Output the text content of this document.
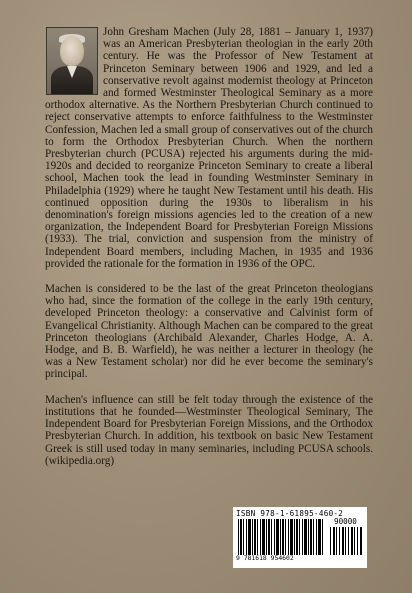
John Gresham Machen (July 28, 1881 – January 1, 1937) was an American Presbyterian theologian in the early 20th century. He was the Professor of New Testament at Princeton Seminary between 1906 and 1929, and led a conservative revolt against modernist theology at Princeton and formed Westminster Theological Seminary as a more orthodox alternative. As the Northern Presbyterian Church continued to reject conservative attempts to enforce faithfulness to the Westminster Confession, Machen led a small group of conservatives out of the church to form the Orthodox Presbyterian Church. When the northern Presbyterian church (PCUSA) rejected his arguments during the mid-1920s and decided to reorganize Princeton Seminary to create a liberal school, Machen took the lead in founding Westminster Seminary in Philadelphia (1929) where he taught New Testament until his death. His continued opposition during the 1930s to liberalism in his denomination's foreign missions agencies led to the creation of a new organization, the Independent Board for Presbyterian Foreign Missions (1933). The trial, conviction and suspension from the ministry of Independent Board members, including Machen, in 1935 and 1936 provided the rationale for the formation in 1936 of the OPC.

Machen is considered to be the last of the great Princeton theologians who had, since the formation of the college in the early 19th century, developed Princeton theology: a conservative and Calvinist form of Evangelical Christianity. Although Machen can be compared to the great Princeton theologians (Archibald Alexander, Charles Hodge, A. A. Hodge, and B. B. Warfield), he was neither a lecturer in theology (he was a New Testament scholar) nor did he ever become the seminary's principal.

Machen's influence can still be felt today through the existence of the institutions that he founded—Westminster Theological Seminary, The Independent Board for Presbyterian Foreign Missions, and the Orthodox Presbyterian Church. In addition, his textbook on basic New Testament Greek is still used today in many seminaries, including PCUSA schools. (wikipedia.org)

ISBN 978-1-61895-460-2
90000
9 781618 954602
